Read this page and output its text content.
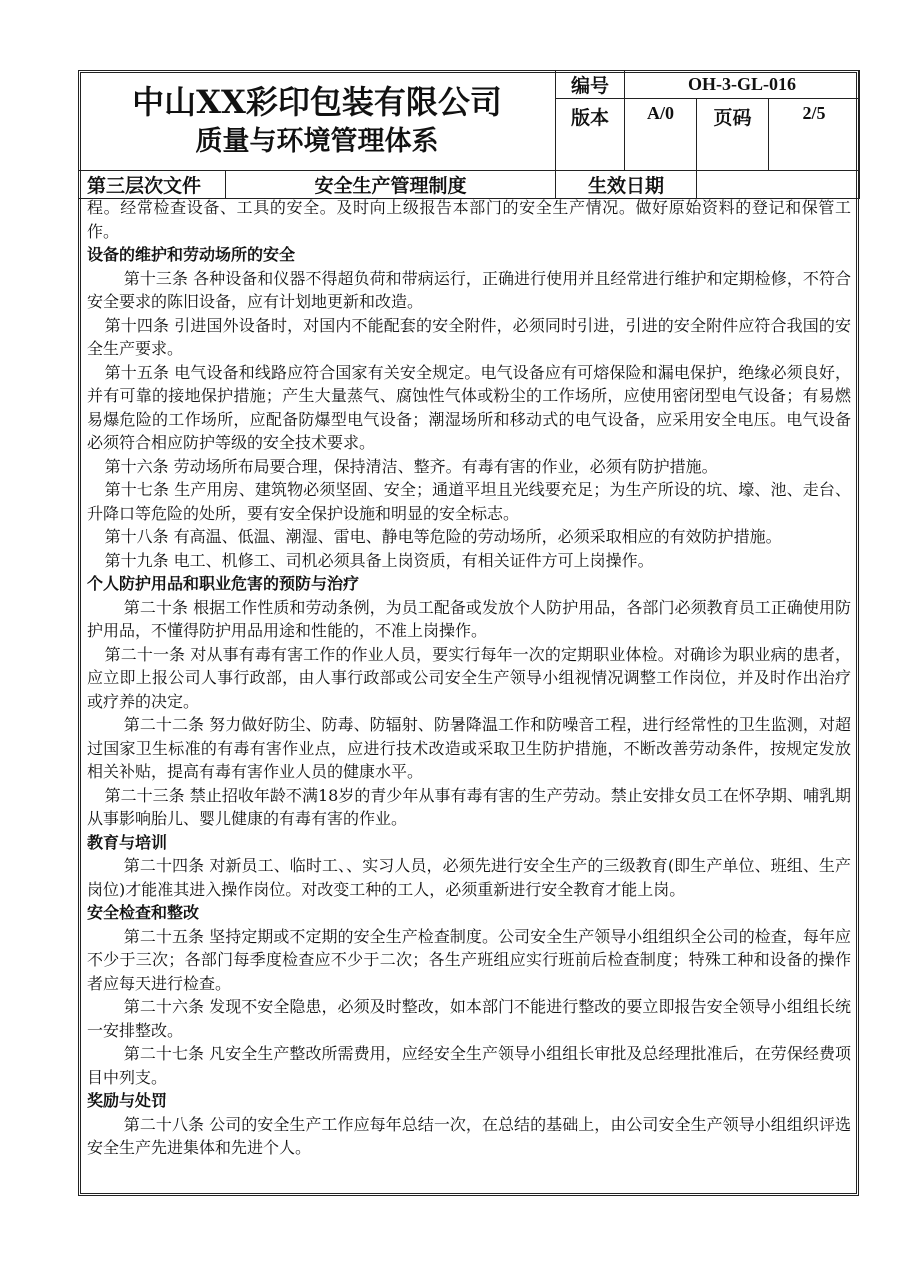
中山XX彩印包装有限公司
质量与环境管理体系		编号	OH-3-GL-016		
		版本	A/0	页码	2/5
第三层次文件	安全生产管理制度	生效日期			

程。经常检查设备、工具的安全。及时向上级报告本部门的安全生产情况。做好原始资料的登记和保管工作。

设备的维护和劳动场所的安全

第十三条 各种设备和仪器不得超负荷和带病运行，正确进行使用并且经常进行维护和定期检修，不符合安全要求的陈旧设备，应有计划地更新和改造。

第十四条 引进国外设备时，对国内不能配套的安全附件，必须同时引进，引进的安全附件应符合我国的安全生产要求。

第十五条 电气设备和线路应符合国家有关安全规定。电气设备应有可熔保险和漏电保护，绝缘必须良好，并有可靠的接地保护措施；产生大量蒸气、腐蚀性气体或粉尘的工作场所，应使用密闭型电气设备；有易燃易爆危险的工作场所，应配备防爆型电气设备；潮湿场所和移动式的电气设备，应采用安全电压。电气设备必须符合相应防护等级的安全技术要求。

第十六条 劳动场所布局要合理，保持清洁、整齐。有毒有害的作业，必须有防护措施。

第十七条 生产用房、建筑物必须坚固、安全；通道平坦且光线要充足；为生产所设的坑、壕、池、走台、升降口等危险的处所，要有安全保护设施和明显的安全标志。

第十八条 有高温、低温、潮湿、雷电、静电等危险的劳动场所，必须采取相应的有效防护措施。

第十九条 电工、机修工、司机必须具备上岗资质，有相关证件方可上岗操作。

个人防护用品和职业危害的预防与治疗

第二十条 根据工作性质和劳动条例，为员工配备或发放个人防护用品，各部门必须教育员工正确使用防护用品，不懂得防护用品用途和性能的，不准上岗操作。

第二十一条 对从事有毒有害工作的作业人员，要实行每年一次的定期职业体检。对确诊为职业病的患者，应立即上报公司人事行政部，由人事行政部或公司安全生产领导小组视情况调整工作岗位，并及时作出治疗或疗养的决定。

第二十二条 努力做好防尘、防毒、防辐射、防暑降温工作和防噪音工程，进行经常性的卫生监测，对超过国家卫生标准的有毒有害作业点，应进行技术改造或采取卫生防护措施，不断改善劳动条件，按规定发放相关补贴，提高有毒有害作业人员的健康水平。

第二十三条 禁止招收年龄不满18岁的青少年从事有毒有害的生产劳动。禁止安排女员工在怀孕期、哺乳期从事影响胎儿、婴儿健康的有毒有害的作业。

教育与培训

第二十四条 对新员工、临时工、、实习人员，必须先进行安全生产的三级教育(即生产单位、班组、生产岗位)才能准其进入操作岗位。对改变工种的工人，必须重新进行安全教育才能上岗。

安全检查和整改

第二十五条 坚持定期或不定期的安全生产检查制度。公司安全生产领导小组组织全公司的检查，每年应不少于三次；各部门每季度检查应不少于二次；各生产班组应实行班前后检查制度；特殊工种和设备的操作者应每天进行检查。

第二十六条 发现不安全隐患，必须及时整改，如本部门不能进行整改的要立即报告安全领导小组组长统一安排整改。

第二十七条 凡安全生产整改所需费用，应经安全生产领导小组组长审批及总经理批准后，在劳保经费项目中列支。

奖励与处罚

第二十八条 公司的安全生产工作应每年总结一次，在总结的基础上，由公司安全生产领导小组组织评选安全生产先进集体和先进个人。
